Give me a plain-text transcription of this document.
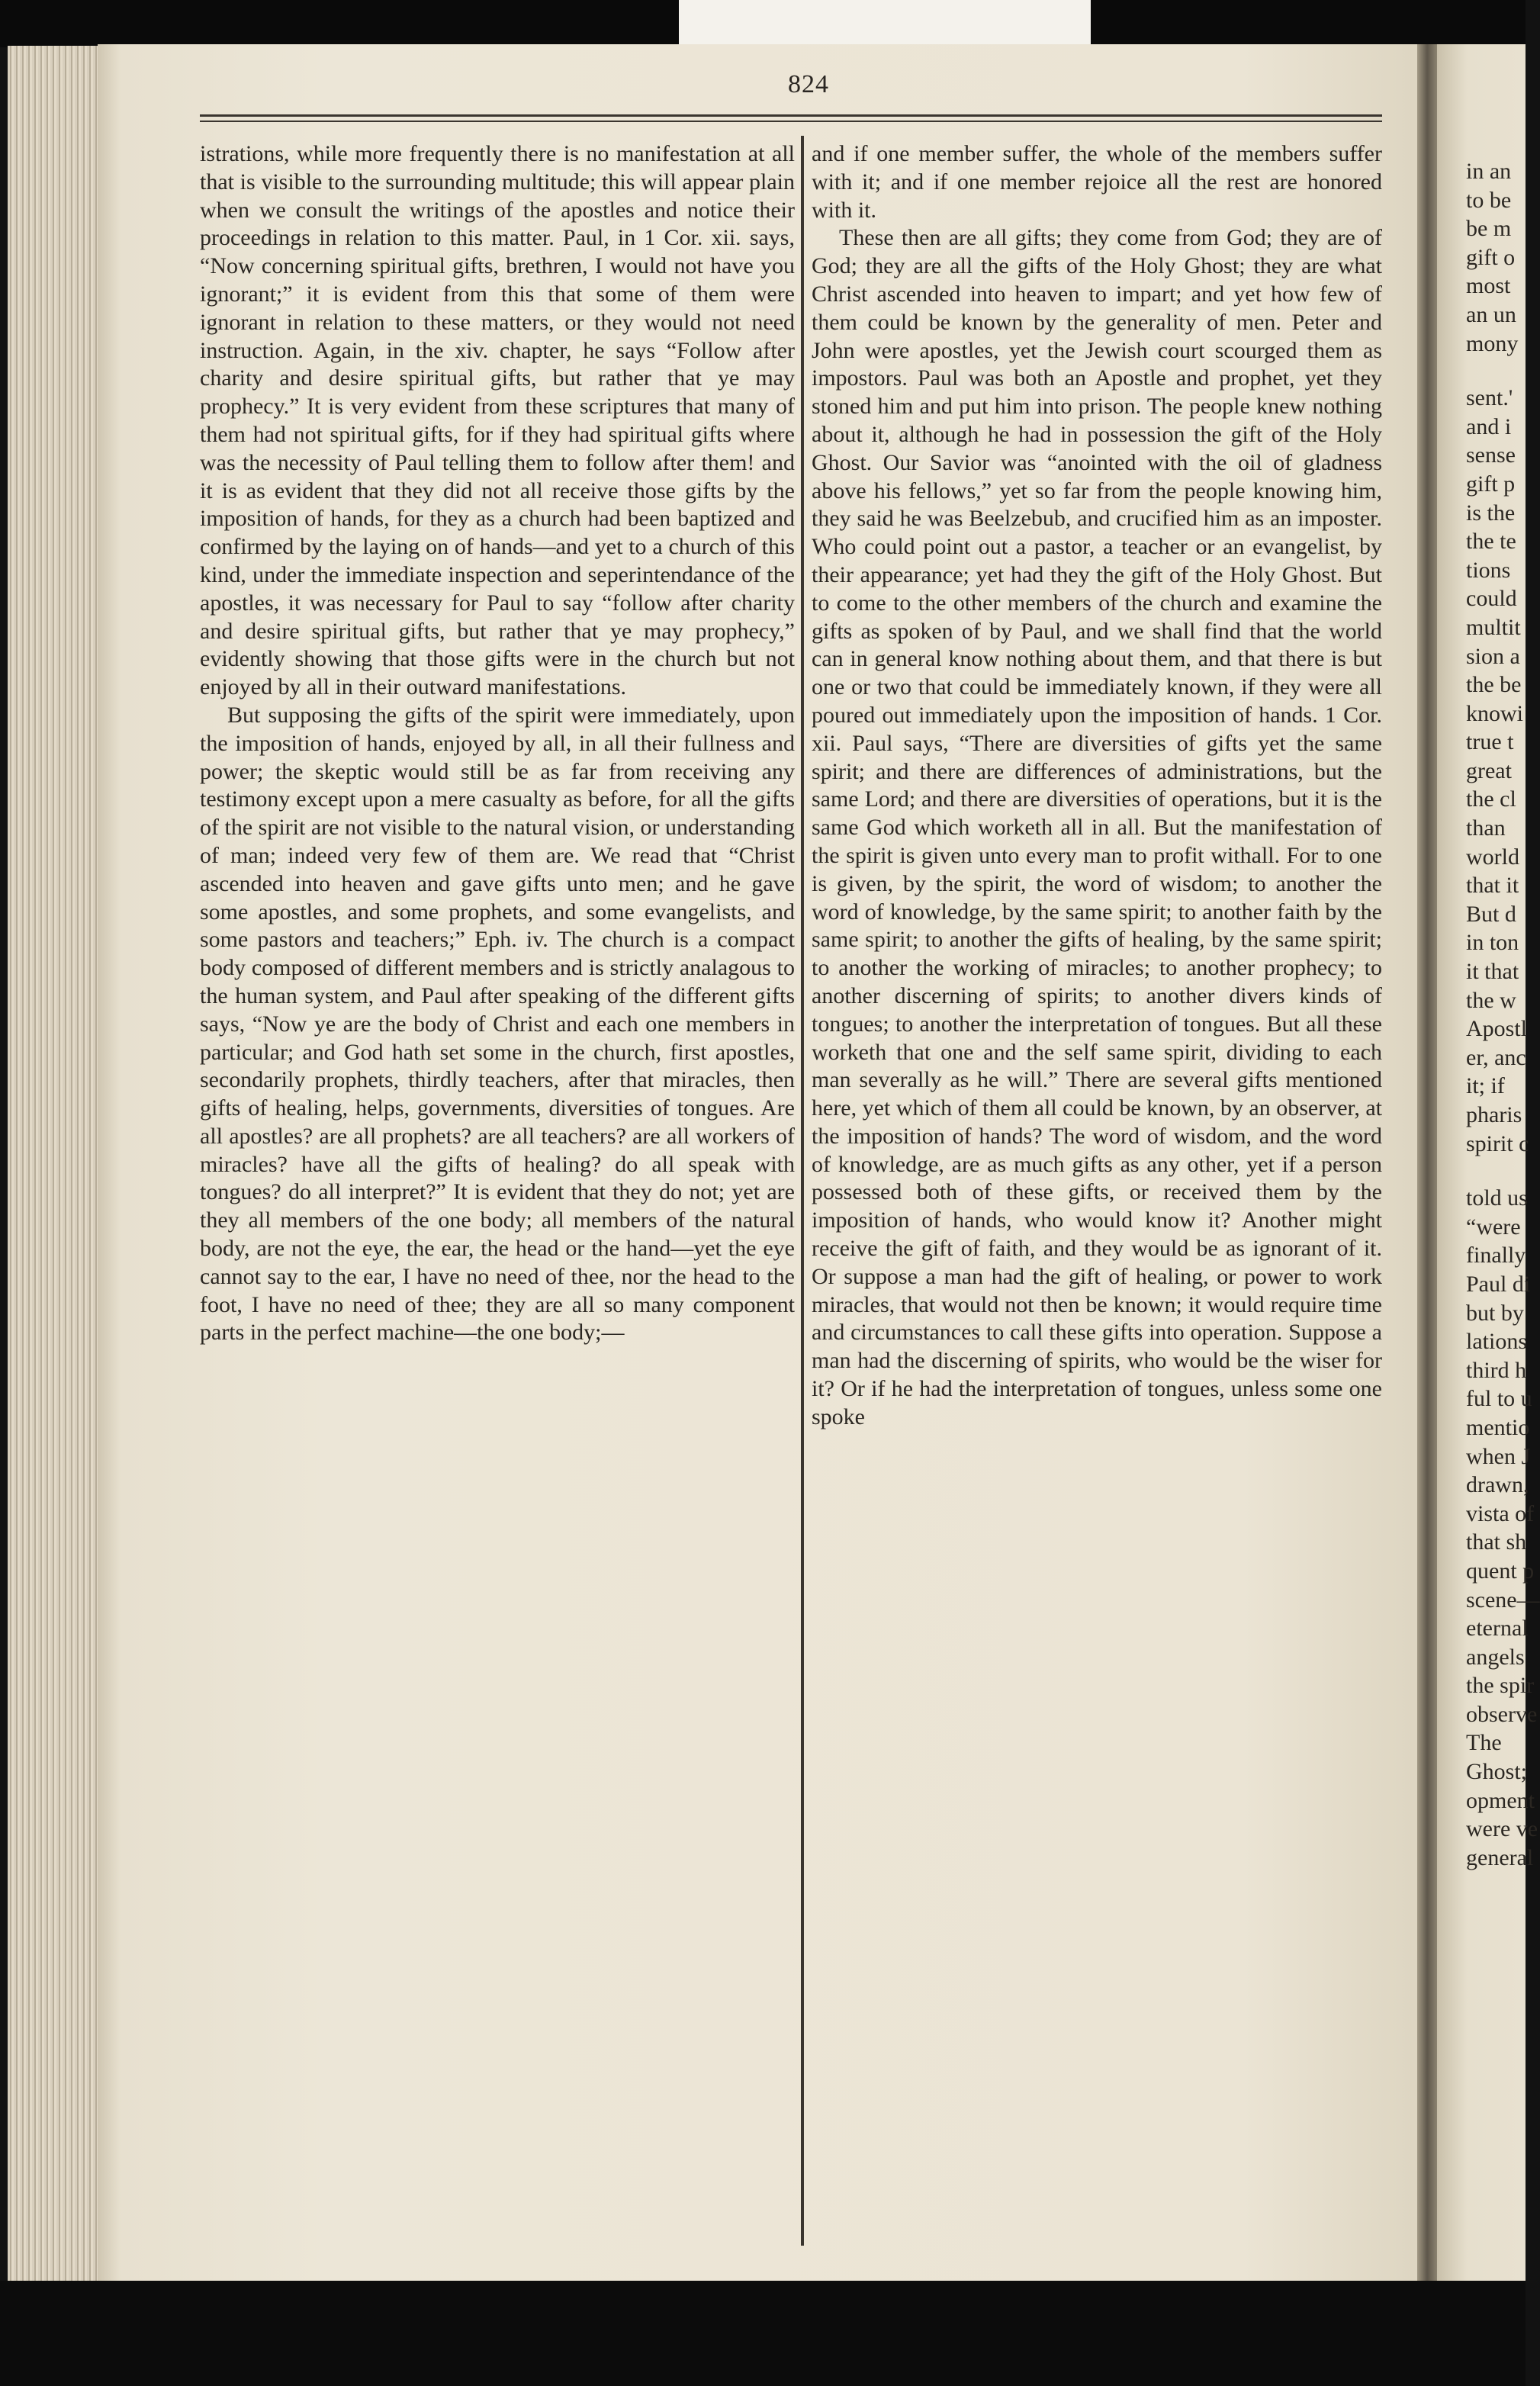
824

istrations, while more frequently there is no manifestation at all that is visible to the surrounding multitude; this will appear plain when we consult the writings of the apostles and notice their proceedings in relation to this matter. Paul, in 1 Cor. xii. says, “Now concerning spiritual gifts, brethren, I would not have you ignorant;” it is evident from this that some of them were ignorant in relation to these matters, or they would not need instruction. Again, in the xiv. chapter, he says “Follow after charity and desire spiritual gifts, but rather that ye may prophecy.” It is very evident from these scriptures that many of them had not spiritual gifts, for if they had spiritual gifts where was the necessity of Paul telling them to follow after them! and it is as evident that they did not all receive those gifts by the imposition of hands, for they as a church had been baptized and confirmed by the laying on of hands—and yet to a church of this kind, under the immediate inspection and seperintendance of the apostles, it was necessary for Paul to say “follow after charity and desire spiritual gifts, but rather that ye may prophecy,” evidently showing that those gifts were in the church but not enjoyed by all in their outward manifestations.

But supposing the gifts of the spirit were immediately, upon the imposition of hands, enjoyed by all, in all their fullness and power; the skeptic would still be as far from receiving any testimony except upon a mere casualty as before, for all the gifts of the spirit are not visible to the natural vision, or understanding of man; indeed very few of them are. We read that “Christ ascended into heaven and gave gifts unto men; and he gave some apostles, and some prophets, and some evangelists, and some pastors and teachers;” Eph. iv. The church is a compact body composed of different members and is strictly analagous to the human system, and Paul after speaking of the different gifts says, “Now ye are the body of Christ and each one members in particular; and God hath set some in the church, first apostles, secondarily prophets, thirdly teachers, after that miracles, then gifts of healing, helps, governments, diversities of tongues. Are all apostles? are all prophets? are all teachers? are all workers of miracles? have all the gifts of healing? do all speak with tongues? do all interpret?” It is evident that they do not; yet are they all members of the one body; all members of the natural body, are not the eye, the ear, the head or the hand—yet the eye cannot say to the ear, I have no need of thee, nor the head to the foot, I have no need of thee; they are all so many component parts in the perfect machine—the one body;—

and if one member suffer, the whole of the members suffer with it; and if one member rejoice all the rest are honored with it.

These then are all gifts; they come from God; they are of God; they are all the gifts of the Holy Ghost; they are what Christ ascended into heaven to impart; and yet how few of them could be known by the generality of men. Peter and John were apostles, yet the Jewish court scourged them as impostors. Paul was both an Apostle and prophet, yet they stoned him and put him into prison. The people knew nothing about it, although he had in possession the gift of the Holy Ghost. Our Savior was “anointed with the oil of gladness above his fellows,” yet so far from the people knowing him, they said he was Beelzebub, and crucified him as an imposter. Who could point out a pastor, a teacher or an evangelist, by their appearance; yet had they the gift of the Holy Ghost. But to come to the other members of the church and examine the gifts as spoken of by Paul, and we shall find that the world can in general know nothing about them, and that there is but one or two that could be immediately known, if they were all poured out immediately upon the imposition of hands. 1 Cor. xii. Paul says, “There are diversities of gifts yet the same spirit; and there are differences of administrations, but the same Lord; and there are diversities of operations, but it is the same God which worketh all in all. But the manifestation of the spirit is given unto every man to profit withall. For to one is given, by the spirit, the word of wisdom; to another the word of knowledge, by the same spirit; to another faith by the same spirit; to another the gifts of healing, by the same spirit; to another the working of miracles; to another prophecy; to another discerning of spirits; to another divers kinds of tongues; to another the interpretation of tongues. But all these worketh that one and the self same spirit, dividing to each man severally as he will.” There are several gifts mentioned here, yet which of them all could be known, by an observer, at the imposition of hands? The word of wisdom, and the word of knowledge, are as much gifts as any other, yet if a person possessed both of these gifts, or received them by the imposition of hands, who would know it? Another might receive the gift of faith, and they would be as ignorant of it. Or suppose a man had the gift of healing, or power to work miracles, that would not then be known; it would require time and circumstances to call these gifts into operation. Suppose a man had the discerning of spirits, who would be the wiser for it? Or if he had the interpretation of tongues, unless some one spoke

in an
to be
be m
gift o
most
an un
mony
sent.'
and i
sense
gift p
is the
the te
tions
could
multit
sion a
the be
knowi
true t
great
the cl
than
world
that it
But d
in ton
it that
the w
Apostl
er, anc
it; if
pharis
spirit c
told us
“were
finally
Paul di
but by
lations
third h
ful to u
mentio
when J
drawn,
vista of
that sh
quent p
scene—
eternal
angels
the spir
observe
The
Ghost;
opment
were ve
general
